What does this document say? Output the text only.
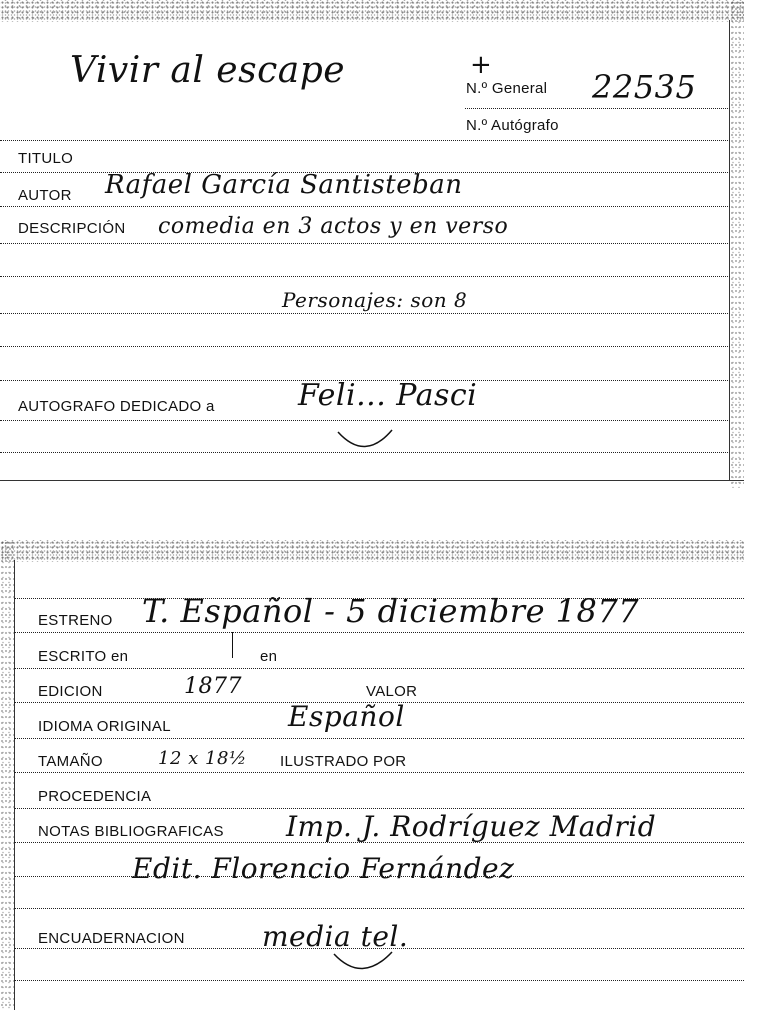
Vivir al escape	+
N.º General 22535
N.º Autógrafo
TITULO
AUTOR Rafael García Santisteban
DESCRIPCIÓN comedia en 3 actos y en verso
Personajes: son 8
AUTOGRAFO DEDICADO a	Feli... Pasci
ESTRENO T. Español - 5 diciembre 1877
ESCRITO en	en
EDICION	1877	VALOR
IDIOMA ORIGINAL	Español
TAMAÑO	12 x 18½ ILUSTRADO POR
PROCEDENCIA
NOTAS BIBLIOGRAFICAS Imp. J. Rodríguez Madrid
Edit. Florencio Fernández
ENCUADERNACION	media tel.
